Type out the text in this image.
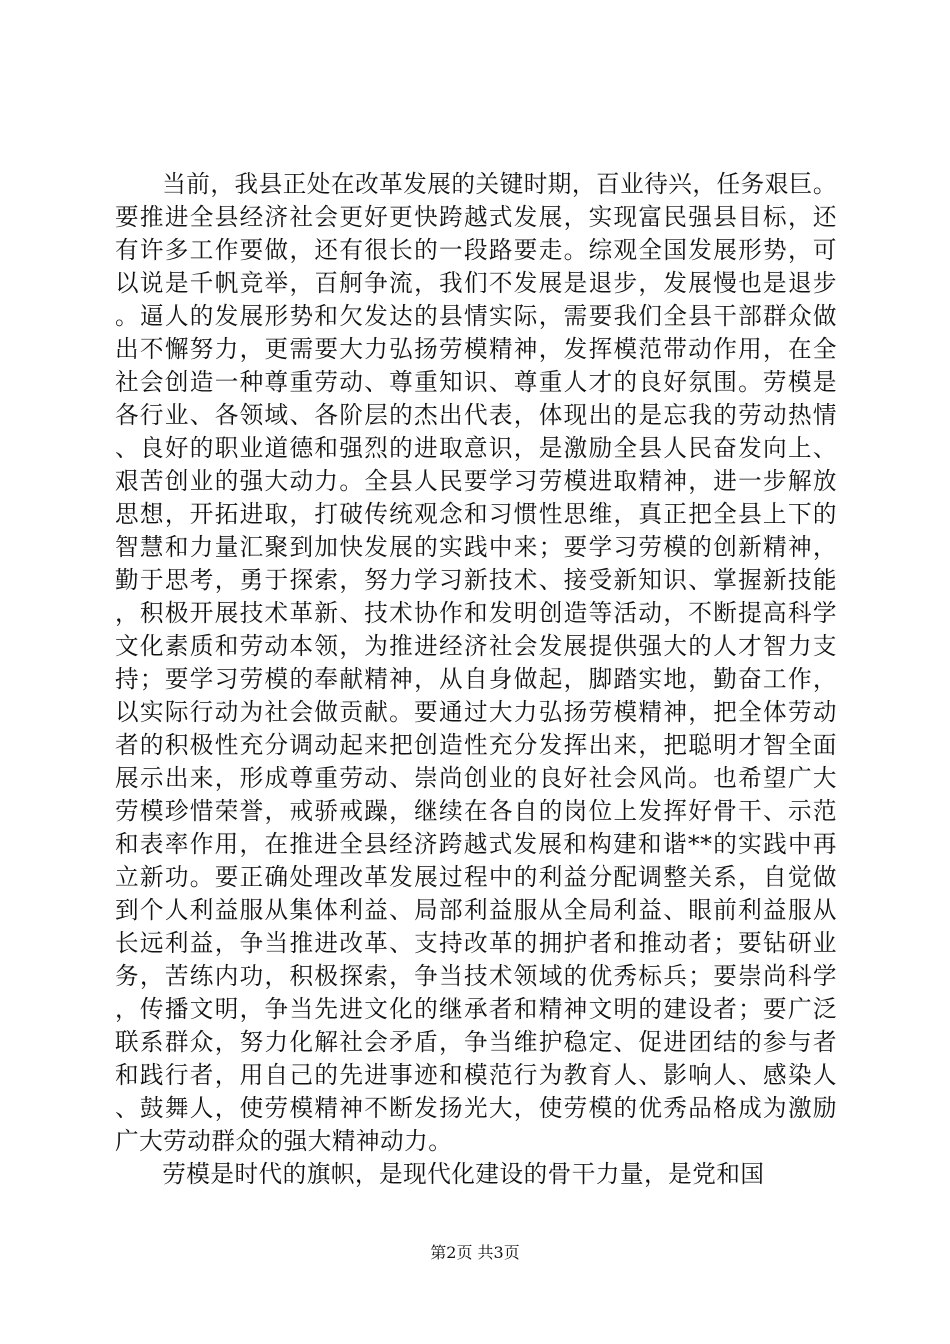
当前，我县正处在改革发展的关键时期，百业待兴，任务艰巨。要推进全县经济社会更好更快跨越式发展，实现富民强县目标，还有许多工作要做，还有很长的一段路要走。综观全国发展形势，可以说是千帆竞举，百舸争流，我们不发展是退步，发展慢也是退步。逼人的发展形势和欠发达的县情实际，需要我们全县干部群众做出不懈努力，更需要大力弘扬劳模精神，发挥模范带动作用，在全社会创造一种尊重劳动、尊重知识、尊重人才的良好氛围。劳模是各行业、各领域、各阶层的杰出代表，体现出的是忘我的劳动热情、良好的职业道德和强烈的进取意识，是激励全县人民奋发向上、艰苦创业的强大动力。全县人民要学习劳模进取精神，进一步解放思想，开拓进取，打破传统观念和习惯性思维，真正把全县上下的智慧和力量汇聚到加快发展的实践中来；要学习劳模的创新精神，勤于思考，勇于探索，努力学习新技术、接受新知识、掌握新技能，积极开展技术革新、技术协作和发明创造等活动，不断提高科学文化素质和劳动本领，为推进经济社会发展提供强大的人才智力支持；要学习劳模的奉献精神，从自身做起，脚踏实地，勤奋工作，以实际行动为社会做贡献。要通过大力弘扬劳模精神，把全体劳动者的积极性充分调动起来把创造性充分发挥出来，把聪明才智全面展示出来，形成尊重劳动、崇尚创业的良好社会风尚。也希望广大劳模珍惜荣誉，戒骄戒躁，继续在各自的岗位上发挥好骨干、示范和表率作用，在推进全县经济跨越式发展和构建和谐**的实践中再立新功。要正确处理改革发展过程中的利益分配调整关系，自觉做到个人利益服从集体利益、局部利益服从全局利益、眼前利益服从长远利益，争当推进改革、支持改革的拥护者和推动者；要钻研业务，苦练内功，积极探索，争当技术领域的优秀标兵；要崇尚科学，传播文明，争当先进文化的继承者和精神文明的建设者；要广泛联系群众，努力化解社会矛盾，争当维护稳定、促进团结的参与者和践行者，用自己的先进事迹和模范行为教育人、影响人、感染人、鼓舞人，使劳模精神不断发扬光大，使劳模的优秀品格成为激励广大劳动群众的强大精神动力。

劳模是时代的旗帜，是现代化建设的骨干力量，是党和国

第2页 共3页
